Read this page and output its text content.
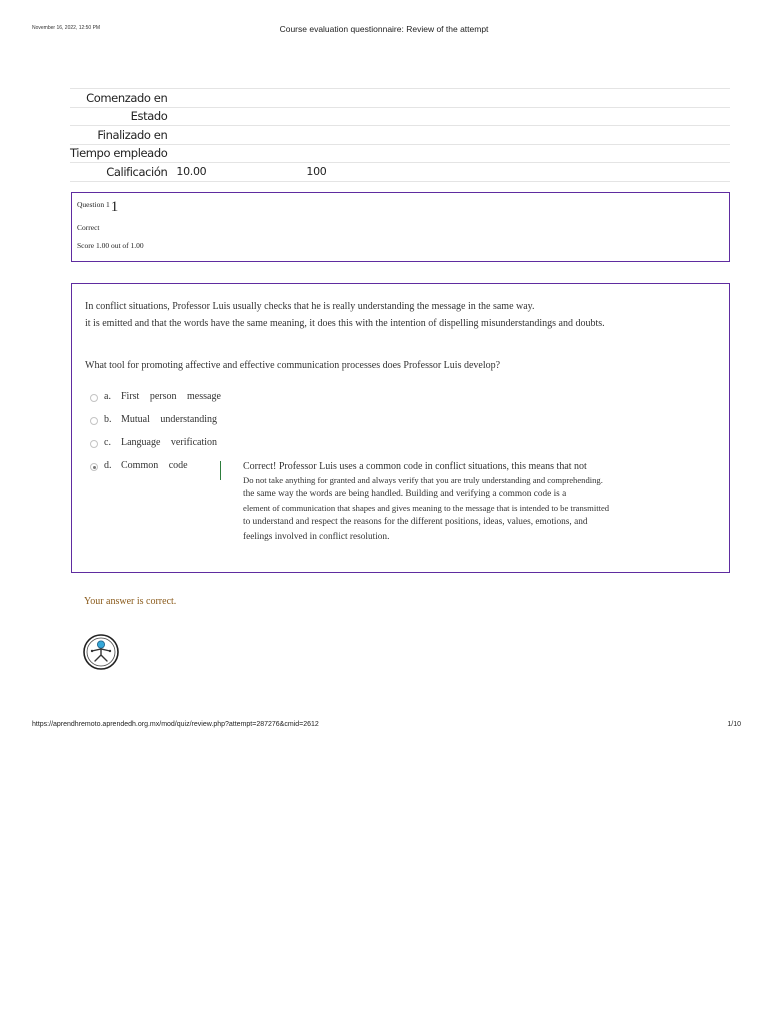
November 16, 2022, 12:50 PM	Course evaluation questionnaire: Review of the attempt
Comenzado en	
Estado	
Finalizado en	
Tiempo empleado	
Calificación	10.00 100
Question 11
Correct
Score 1.00 out of 1.00
In conflict situations, Professor Luis usually checks that he is really understanding the message in the same way.
it is emitted and that the words have the same meaning, it does this with the intention of dispelling misunderstandings and doubts.
What tool for promoting affective and effective communication processes does Professor Luis develop?
a. First person message
b. Mutual understanding
c. Language verification
d. Common code	Correct! Professor Luis uses a common code in conflict situations, this means that not
Do not take anything for granted and always verify that you are truly understanding and comprehending.
the same way the words are being handled. Building and verifying a common code is a
element of communication that shapes and gives meaning to the message that is intended to be transmitted
to understand and respect the reasons for the different positions, ideas, values, emotions, and
feelings involved in conflict resolution.
Your answer is correct.
https://aprendhremoto.aprendedh.org.mx/mod/quiz/review.php?attempt=287276&cmid=2612	1/10
